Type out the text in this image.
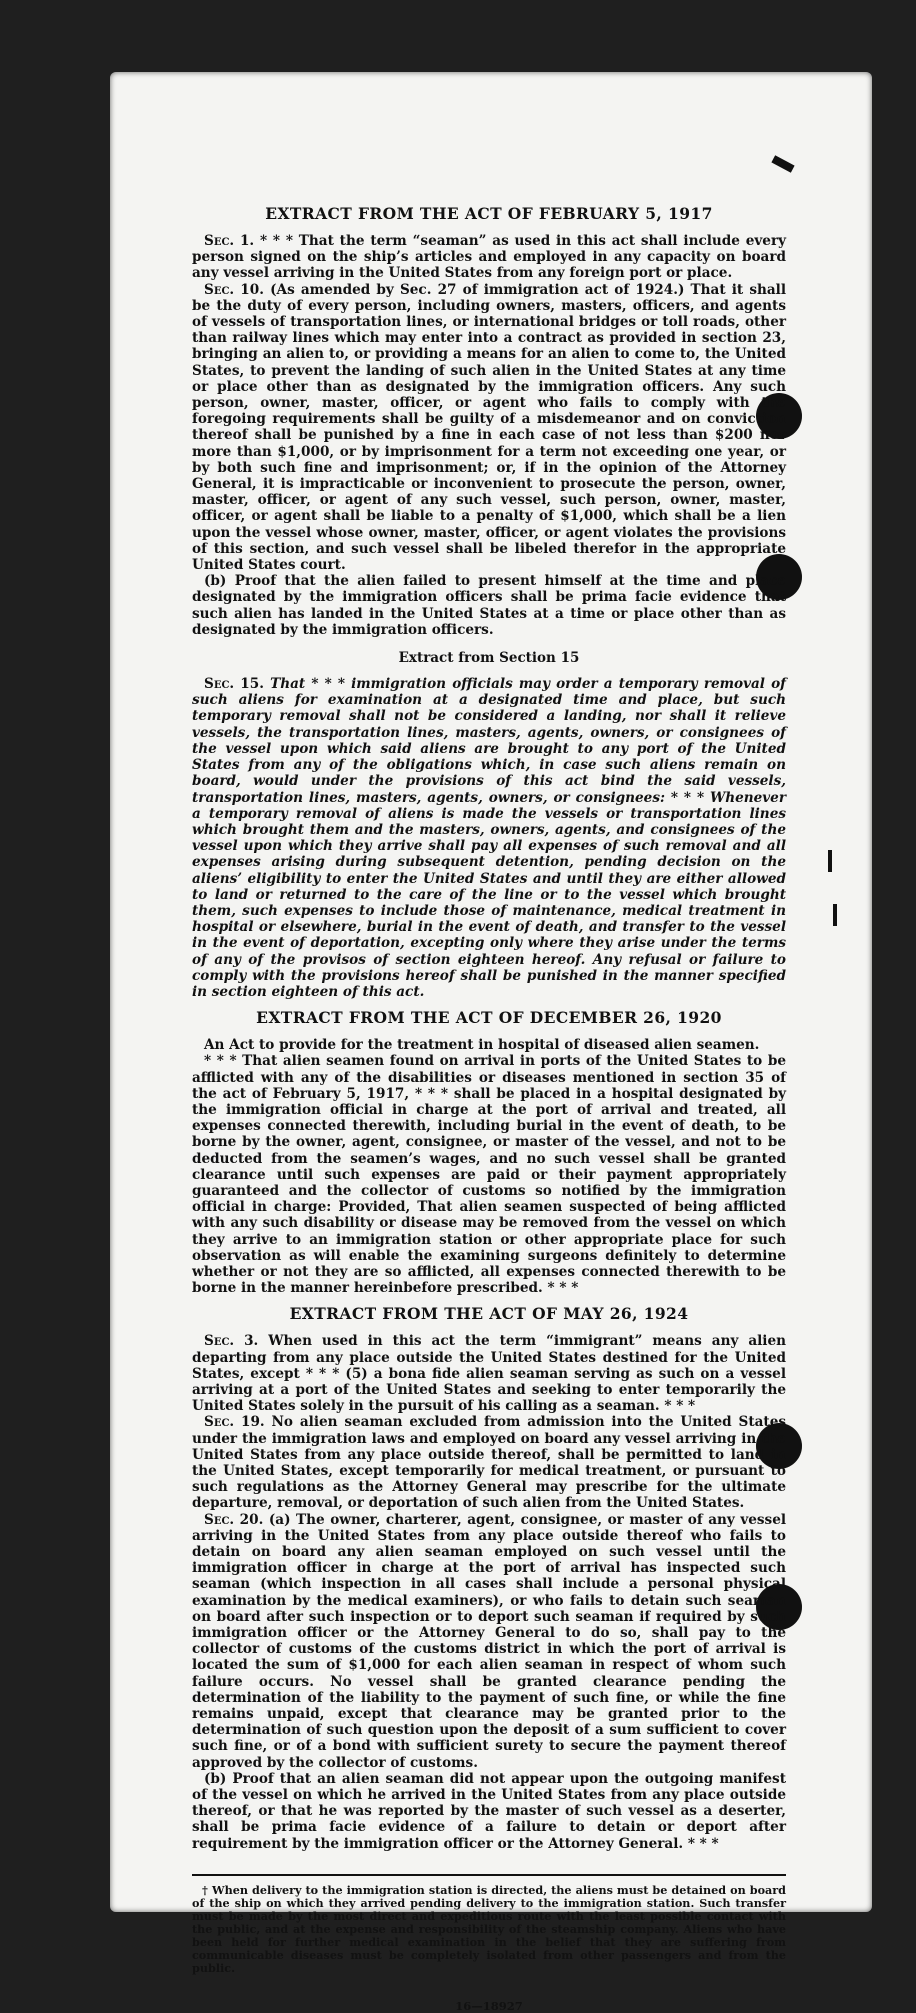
EXTRACT FROM THE ACT OF FEBRUARY 5, 1917

Sec. 1. * * * That the term “seaman” as used in this act shall include every person signed on the ship’s articles and employed in any capacity on board any vessel arriving in the United States from any foreign port or place.

Sec. 10. (As amended by Sec. 27 of immigration act of 1924.) That it shall be the duty of every person, including owners, masters, officers, and agents of vessels of transportation lines, or international bridges or toll roads, other than railway lines which may enter into a contract as provided in section 23, bringing an alien to, or providing a means for an alien to come to, the United States, to prevent the landing of such alien in the United States at any time or place other than as designated by the immigration officers. Any such person, owner, master, officer, or agent who fails to comply with the foregoing requirements shall be guilty of a misdemeanor and on conviction thereof shall be punished by a fine in each case of not less than $200 nor more than $1,000, or by imprisonment for a term not exceeding one year, or by both such fine and imprisonment; or, if in the opinion of the Attorney General, it is impracticable or inconvenient to prosecute the person, owner, master, officer, or agent of any such vessel, such person, owner, master, officer, or agent shall be liable to a penalty of $1,000, which shall be a lien upon the vessel whose owner, master, officer, or agent violates the provisions of this section, and such vessel shall be libeled therefor in the appropriate United States court.

(b) Proof that the alien failed to present himself at the time and place designated by the immigration officers shall be prima facie evidence that such alien has landed in the United States at a time or place other than as designated by the immigration officers.

Extract from Section 15

Sec. 15. That * * * immigration officials may order a temporary removal of such aliens for examination at a designated time and place, but such temporary removal shall not be considered a landing, nor shall it relieve vessels, the transportation lines, masters, agents, owners, or consignees of the vessel upon which said aliens are brought to any port of the United States from any of the obligations which, in case such aliens remain on board, would under the provisions of this act bind the said vessels, transportation lines, masters, agents, owners, or consignees: * * * Whenever a temporary removal of aliens is made the vessels or transportation lines which brought them and the masters, owners, agents, and consignees of the vessel upon which they arrive shall pay all expenses of such removal and all expenses arising during subsequent detention, pending decision on the aliens’ eligibility to enter the United States and until they are either allowed to land or returned to the care of the line or to the vessel which brought them, such expenses to include those of maintenance, medical treatment in hospital or elsewhere, burial in the event of death, and transfer to the vessel in the event of deportation, excepting only where they arise under the terms of any of the provisos of section eighteen hereof. Any refusal or failure to comply with the provisions hereof shall be punished in the manner specified in section eighteen of this act.

EXTRACT FROM THE ACT OF DECEMBER 26, 1920

An Act to provide for the treatment in hospital of diseased alien seamen.

* * * That alien seamen found on arrival in ports of the United States to be afflicted with any of the disabilities or diseases mentioned in section 35 of the act of February 5, 1917, * * * shall be placed in a hospital designated by the immigration official in charge at the port of arrival and treated, all expenses connected therewith, including burial in the event of death, to be borne by the owner, agent, consignee, or master of the vessel, and not to be deducted from the seamen’s wages, and no such vessel shall be granted clearance until such expenses are paid or their payment appropriately guaranteed and the collector of customs so notified by the immigration official in charge: Provided, That alien seamen suspected of being afflicted with any such disability or disease may be removed from the vessel on which they arrive to an immigration station or other appropriate place for such observation as will enable the examining surgeons definitely to determine whether or not they are so afflicted, all expenses connected therewith to be borne in the manner hereinbefore prescribed. * * *

EXTRACT FROM THE ACT OF MAY 26, 1924

Sec. 3. When used in this act the term “immigrant” means any alien departing from any place outside the United States destined for the United States, except * * * (5) a bona fide alien seaman serving as such on a vessel arriving at a port of the United States and seeking to enter temporarily the United States solely in the pursuit of his calling as a seaman. * * *

Sec. 19. No alien seaman excluded from admission into the United States under the immigration laws and employed on board any vessel arriving in the United States from any place outside thereof, shall be permitted to land in the United States, except temporarily for medical treatment, or pursuant to such regulations as the Attorney General may prescribe for the ultimate departure, removal, or deportation of such alien from the United States.

Sec. 20. (a) The owner, charterer, agent, consignee, or master of any vessel arriving in the United States from any place outside thereof who fails to detain on board any alien seaman employed on such vessel until the immigration officer in charge at the port of arrival has inspected such seaman (which inspection in all cases shall include a personal physical examination by the medical examiners), or who fails to detain such seaman on board after such inspection or to deport such seaman if required by such immigration officer or the Attorney General to do so, shall pay to the collector of customs of the customs district in which the port of arrival is located the sum of $1,000 for each alien seaman in respect of whom such failure occurs. No vessel shall be granted clearance pending the determination of the liability to the payment of such fine, or while the fine remains unpaid, except that clearance may be granted prior to the determination of such question upon the deposit of a sum sufficient to cover such fine, or of a bond with sufficient surety to secure the payment thereof approved by the collector of customs.

(b) Proof that an alien seaman did not appear upon the outgoing manifest of the vessel on which he arrived in the United States from any place outside thereof, or that he was reported by the master of such vessel as a deserter, shall be prima facie evidence of a failure to detain or deport after requirement by the immigration officer or the Attorney General. * * *

† When delivery to the immigration station is directed, the aliens must be detained on board of the ship on which they arrived pending delivery to the immigration station. Such transfer must be made by the most direct and expeditious route with the least possible contact with the public, and at the expense and responsibility of the steamship company. Aliens who have been held for further medical examination in the belief that they are suffering from communicable diseases must be completely isolated from other passengers and from the public.
16—18927
